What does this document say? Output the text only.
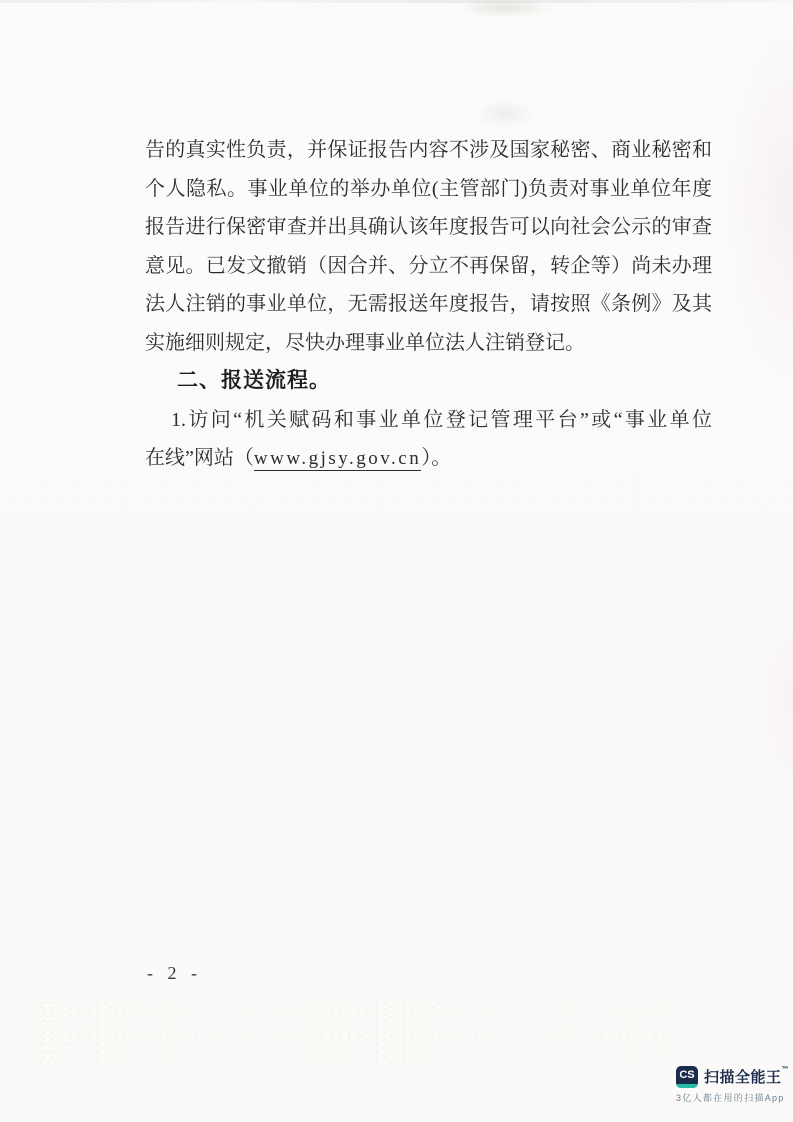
告的真实性负责，并保证报告内容不涉及国家秘密、商业秘密和
个人隐私。事业单位的举办单位(主管部门)负责对事业单位年度
报告进行保密审查并出具确认该年度报告可以向社会公示的审查
意见。已发文撤销（因合并、分立不再保留，转企等）尚未办理
法人注销的事业单位，无需报送年度报告，请按照《条例》及其
实施细则规定，尽快办理事业单位法人注销登记。
二、报送流程。
1.访问“机关赋码和事业单位登记管理平台”或“事业单位
在线”网站（www.gjsy.gov.cn）。
- 2 -
CS 扫描全能王™
3亿人都在用的扫描App
